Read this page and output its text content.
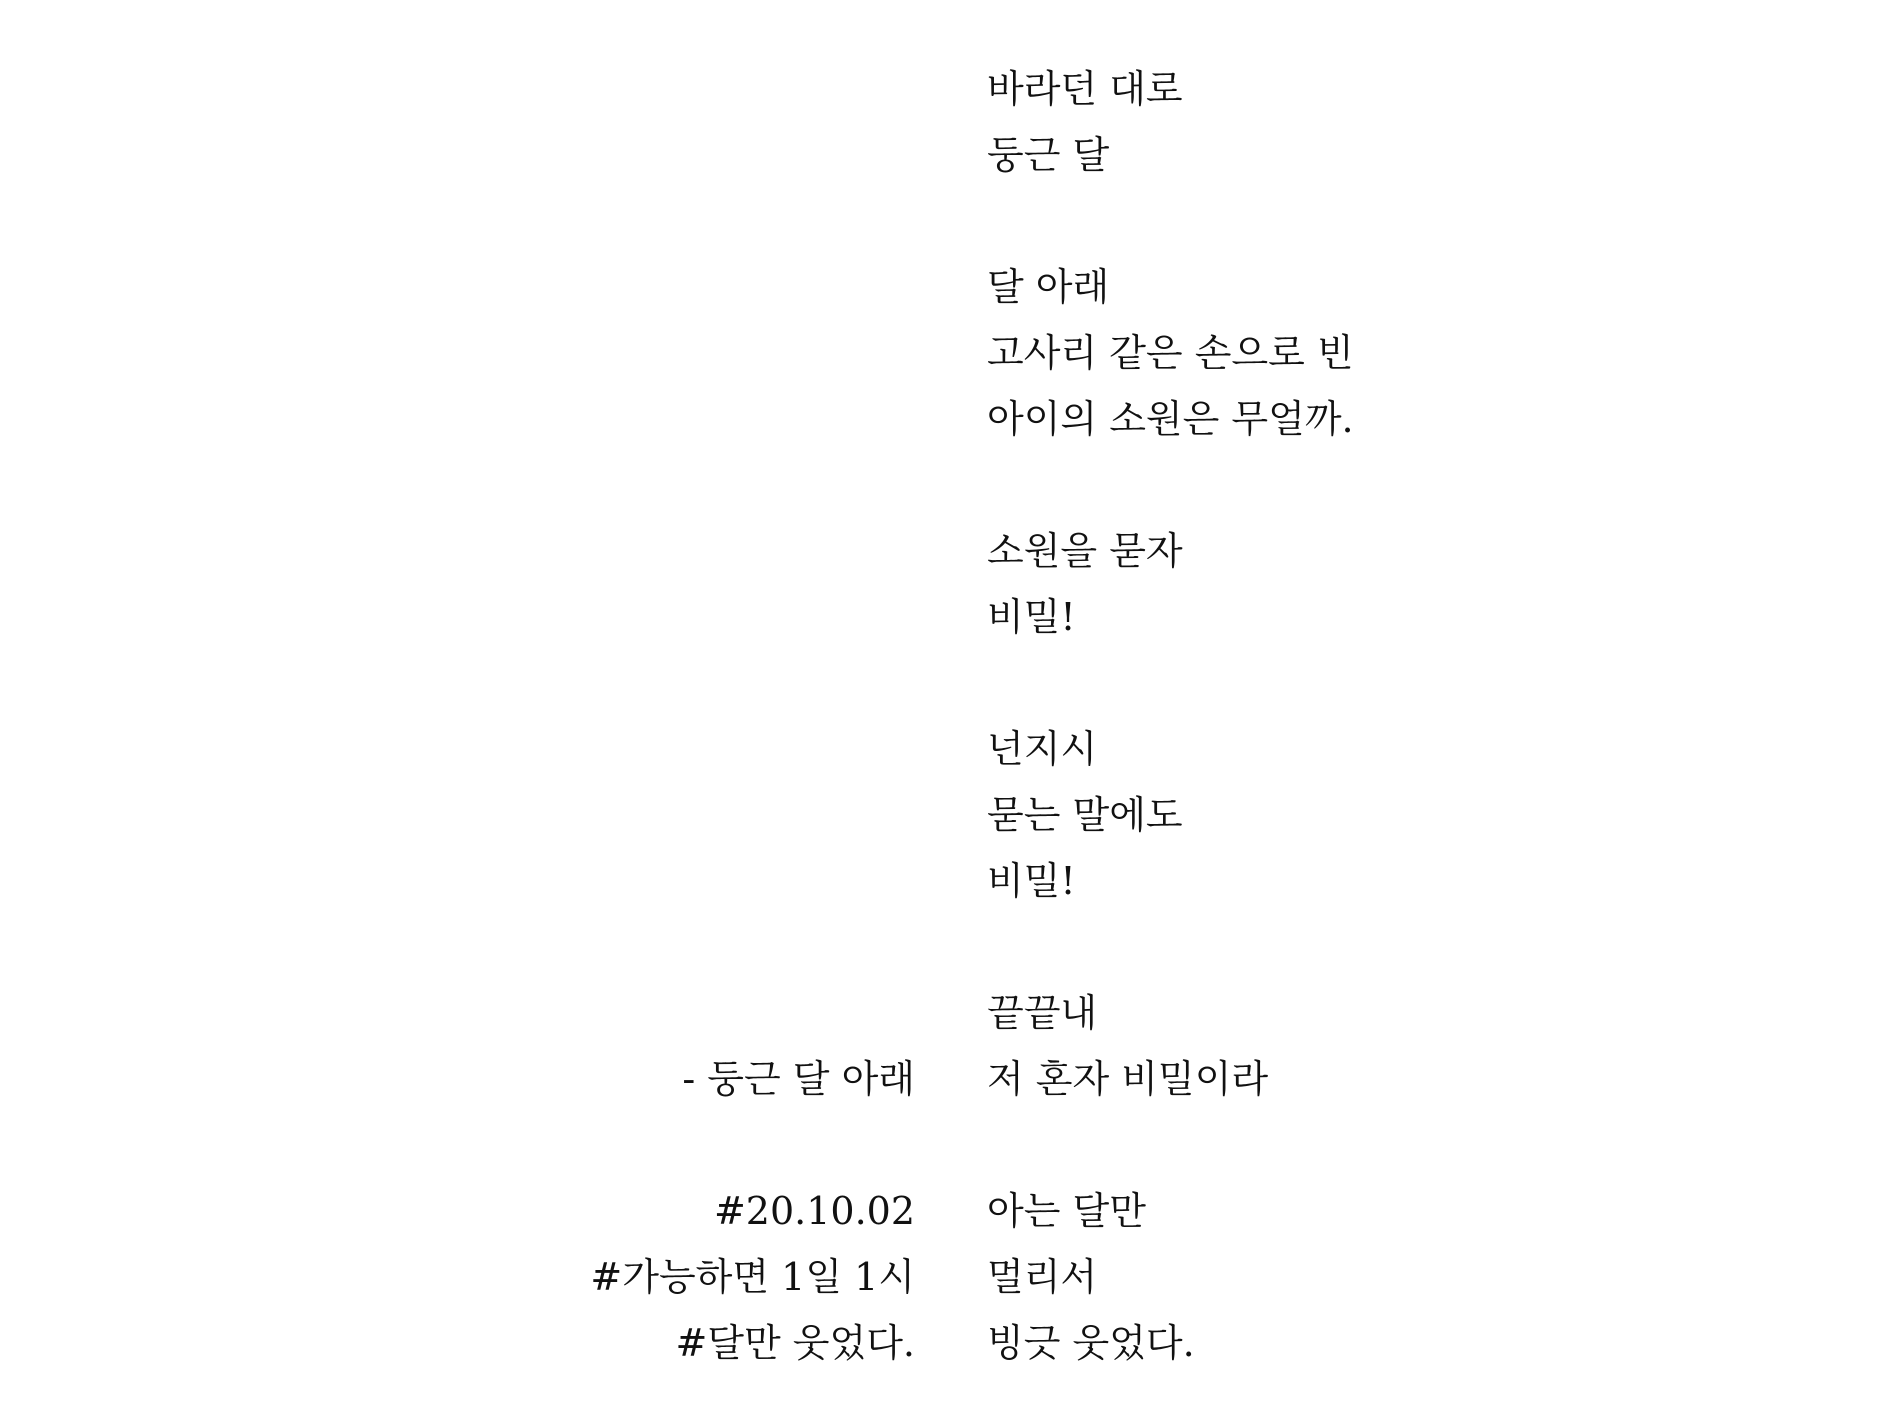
바라던 대로
둥근 달
달 아래
고사리 같은 손으로 빈
아이의 소원은 무얼까.
소원을 묻자
비밀!
넌지시
묻는 말에도
비밀!
끝끝내
저 혼자 비밀이라
아는 달만
멀리서
빙긋 웃었다.
- 둥근 달 아래
#20.10.02
#가능하면 1일 1시
#달만 웃었다.
